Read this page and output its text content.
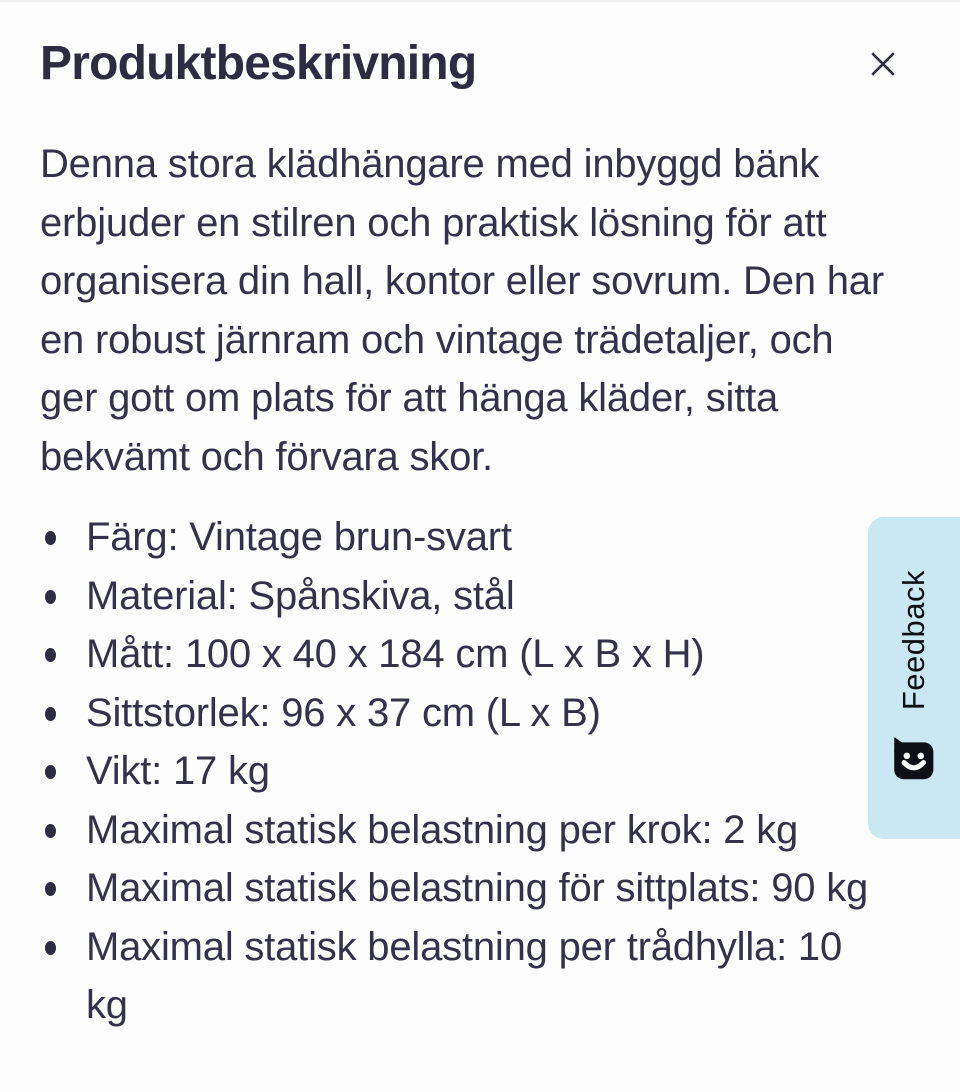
Produktbeskrivning

Denna stora klädhängare med inbyggd bänk erbjuder en stilren och praktisk lösning för att organisera din hall, kontor eller sovrum. Den har en robust järnram och vintage trädetaljer, och ger gott om plats för att hänga kläder, sitta bekvämt och förvara skor.

Färg: Vintage brun-svart
Material: Spånskiva, stål
Mått: 100 x 40 x 184 cm (L x B x H)
Sittstorlek: 96 x 37 cm (L x B)
Vikt: 17 kg
Maximal statisk belastning per krok: 2 kg
Maximal statisk belastning för sittplats: 90 kg
Maximal statisk belastning per trådhylla: 10 kg
Feedback
